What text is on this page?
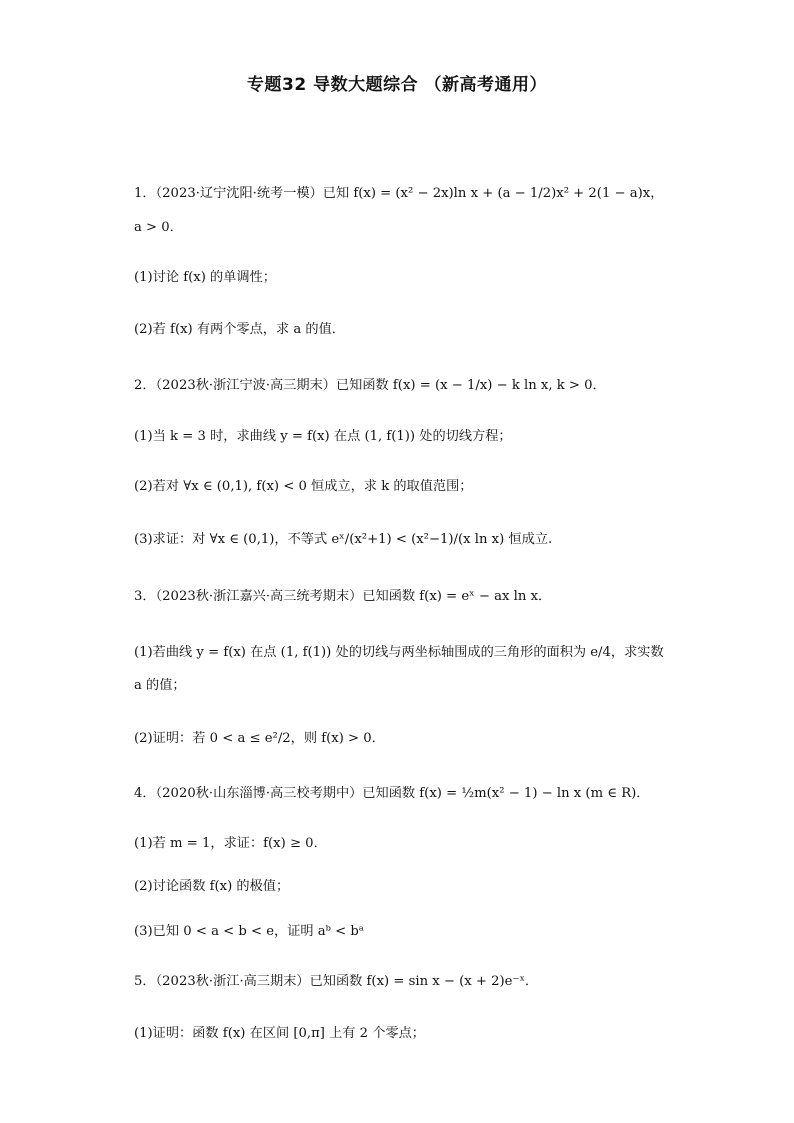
专题32 导数大题综合 （新高考通用）
1．（2023·辽宁沈阳·统考一模）已知 f(x) = (x² − 2x)ln x + (a − 1/2)x² + 2(1 − a)x，
a > 0．
(1)讨论 f(x) 的单调性；
(2)若 f(x) 有两个零点，求 a 的值．
2．（2023秋·浙江宁波·高三期末）已知函数 f(x) = (x − 1/x) − k ln x, k > 0．
(1)当 k = 3 时，求曲线 y = f(x) 在点 (1, f(1)) 处的切线方程；
(2)若对 ∀x ∈ (0,1), f(x) < 0 恒成立，求 k 的取值范围；
(3)求证：对 ∀x ∈ (0,1)，不等式 eˣ/(x²+1) < (x²−1)/(x ln x) 恒成立.
3．（2023秋·浙江嘉兴·高三统考期末）已知函数 f(x) = eˣ − ax ln x．
(1)若曲线 y = f(x) 在点 (1, f(1)) 处的切线与两坐标轴围成的三角形的面积为 e/4，求实数
a 的值；
(2)证明：若 0 < a ≤ e²/2，则 f(x) > 0．
4．（2020秋·山东淄博·高三校考期中）已知函数 f(x) = ½m(x² − 1) − ln x (m ∈ R)．
(1)若 m = 1，求证：f(x) ≥ 0．
(2)讨论函数 f(x) 的极值；
(3)已知 0 < a < b < e，证明 aᵇ < bᵃ
5．（2023秋·浙江·高三期末）已知函数 f(x) = sin x − (x + 2)e⁻ˣ．
(1)证明：函数 f(x) 在区间 [0,π] 上有 2 个零点；
